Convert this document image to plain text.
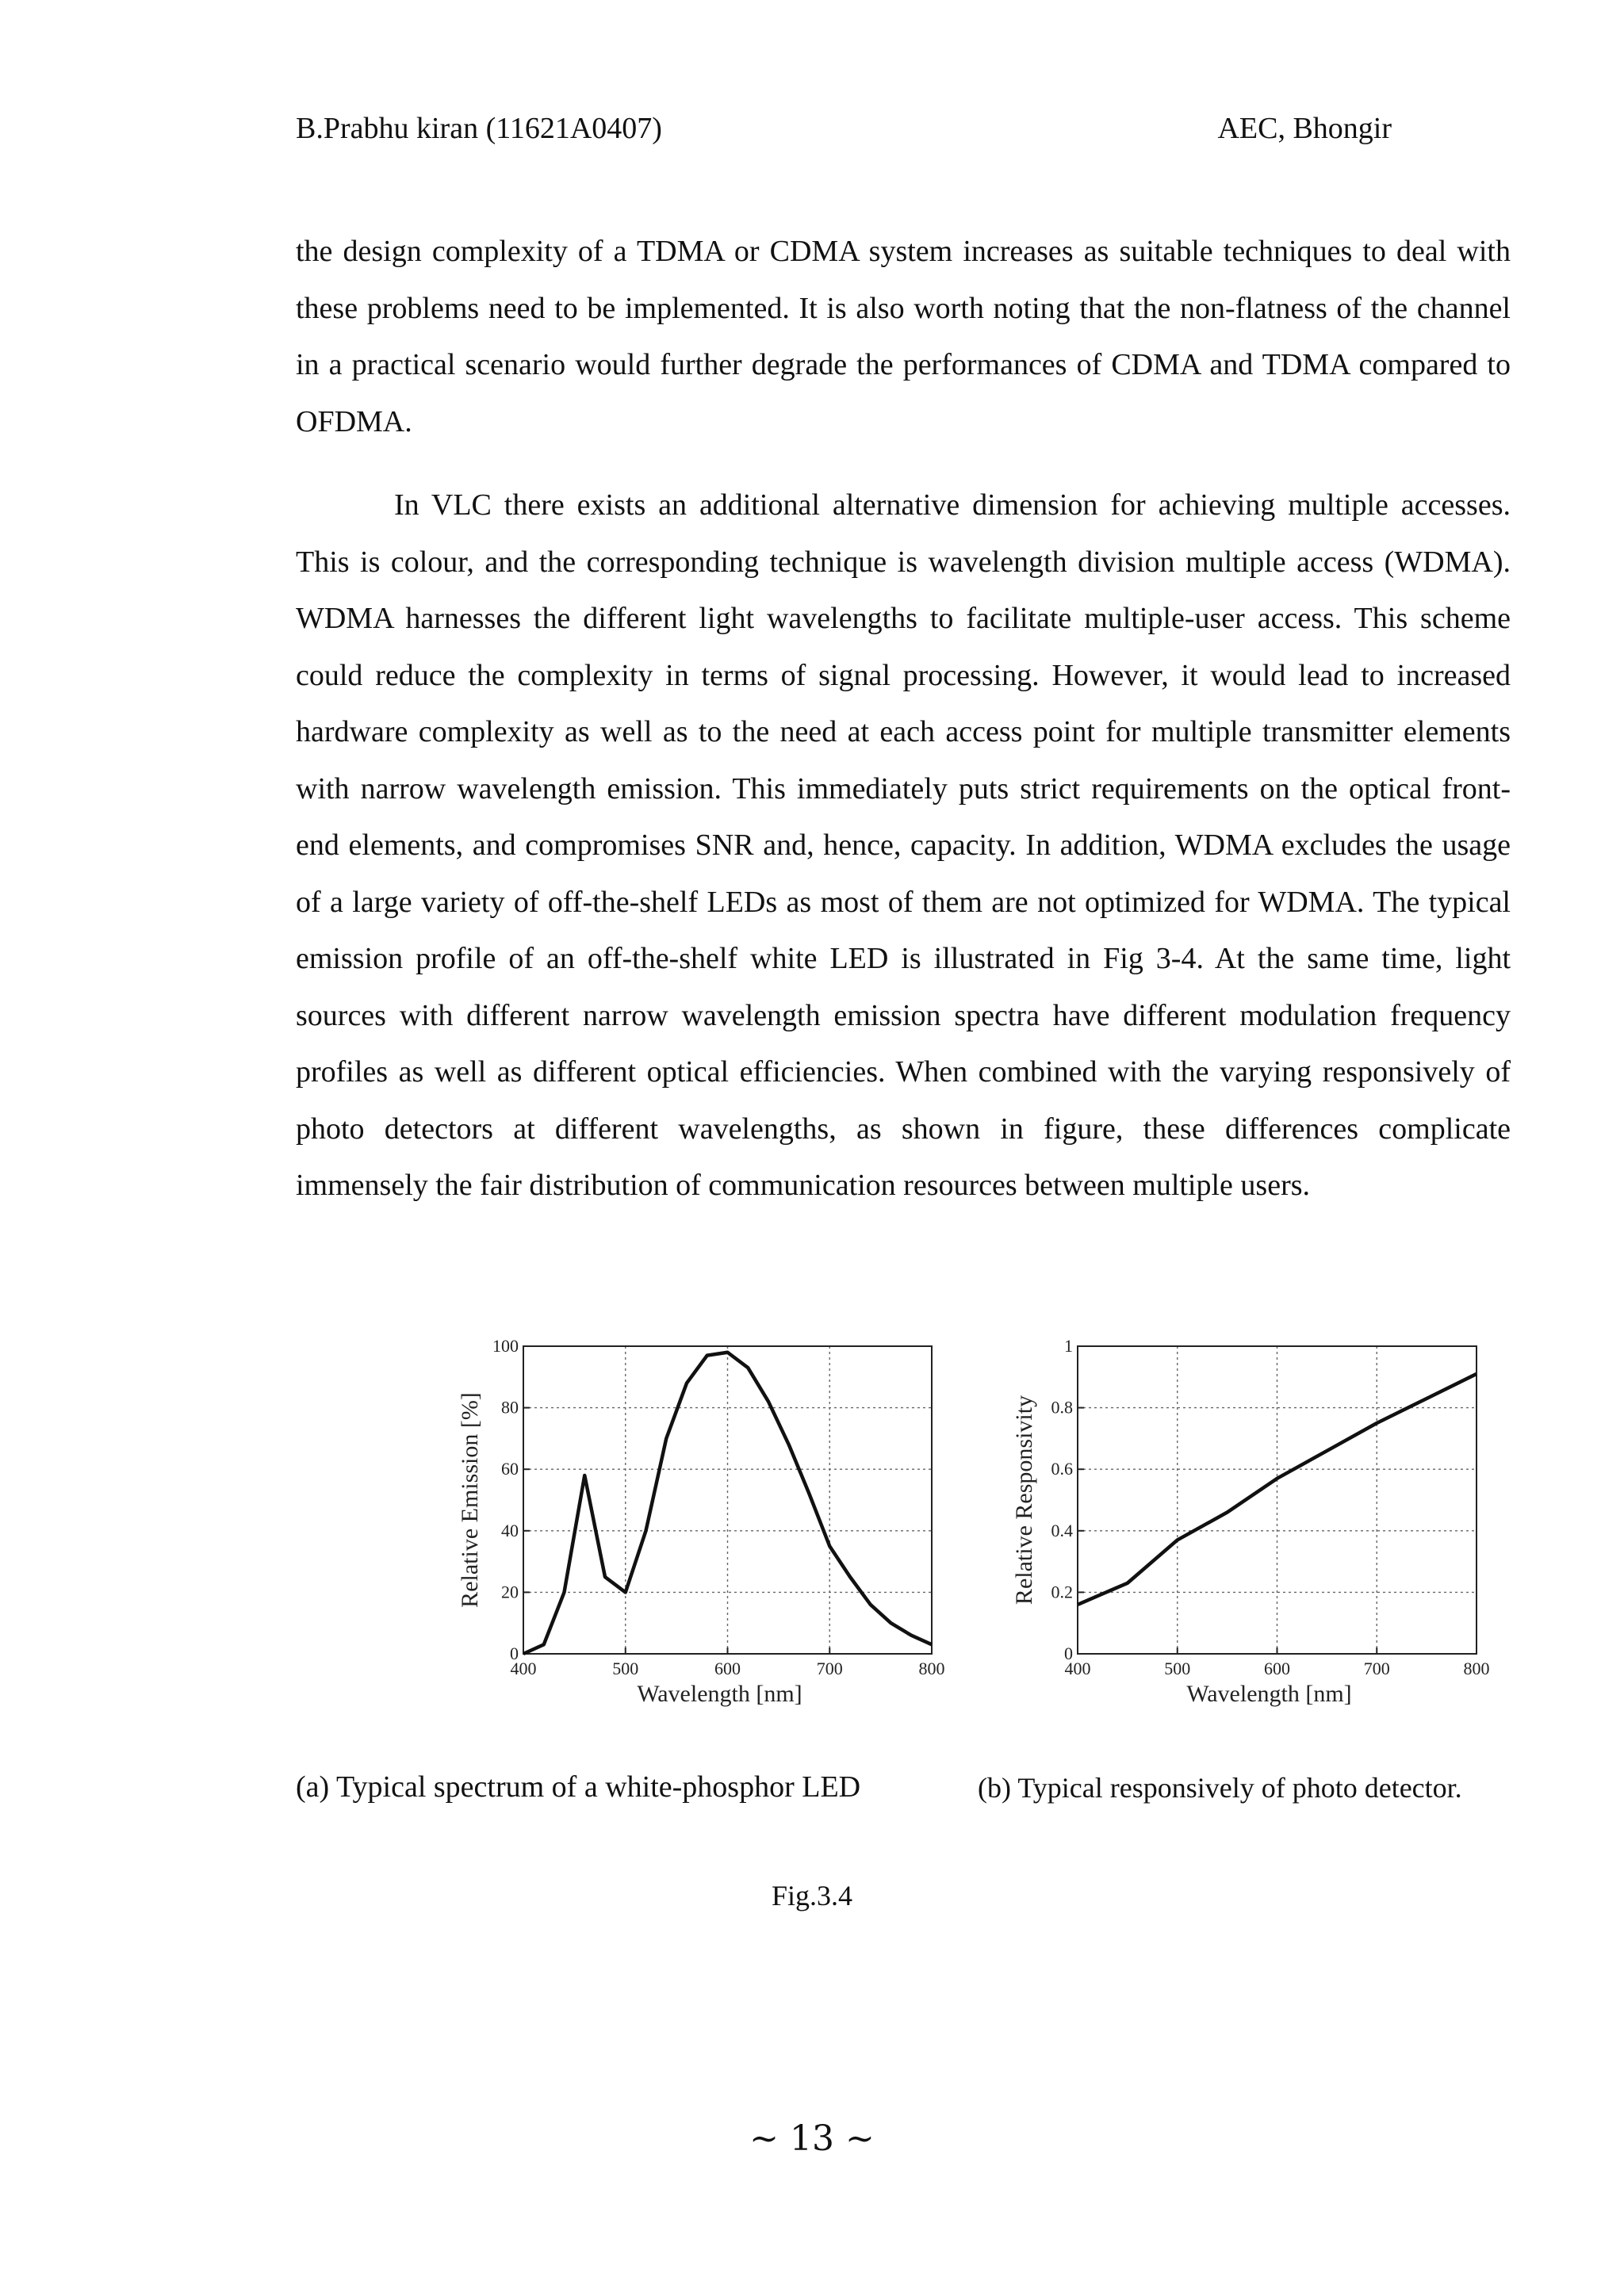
B.Prabhu kiran (11621A0407)	AEC, Bhongir

the design complexity of a TDMA or CDMA system increases as suitable techniques to deal with these problems need to be implemented. It is also worth noting that the non-flatness of the channel in a practical scenario would further degrade the performances of CDMA and TDMA compared to OFDMA.

In VLC there exists an additional alternative dimension for achieving multiple accesses. This is colour, and the corresponding technique is wavelength division multiple access (WDMA). WDMA harnesses the different light wavelengths to facilitate multiple-user access. This scheme could reduce the complexity in terms of signal processing. However, it would lead to increased hardware complexity as well as to the need at each access point for multiple transmitter elements with narrow wavelength emission. This immediately puts strict requirements on the optical front-end elements, and compromises SNR and, hence, capacity. In addition, WDMA excludes the usage of a large variety of off-the-shelf LEDs as most of them are not optimized for WDMA. The typical emission profile of an off-the-shelf white LED is illustrated in Fig 3-4. At the same time, light sources with different narrow wavelength emission spectra have different modulation frequency profiles as well as different optical efficiencies. When combined with the varying responsively of photo detectors at different wavelengths, as shown in figure, these differences complicate immensely the fair distribution of communication resources between multiple users.

400	500	600	700	800
0
20
40
60
80
100
Wavelength [nm]
Relative Emission [%]
400	500	600	700	800
0
0.2
0.4
0.6
0.8
1
Wavelength [nm]
Relative Responsivity
(a) Typical spectrum of a white-phosphor LED	(b) Typical responsively of photo detector.
Fig.3.4
~ 13 ~
